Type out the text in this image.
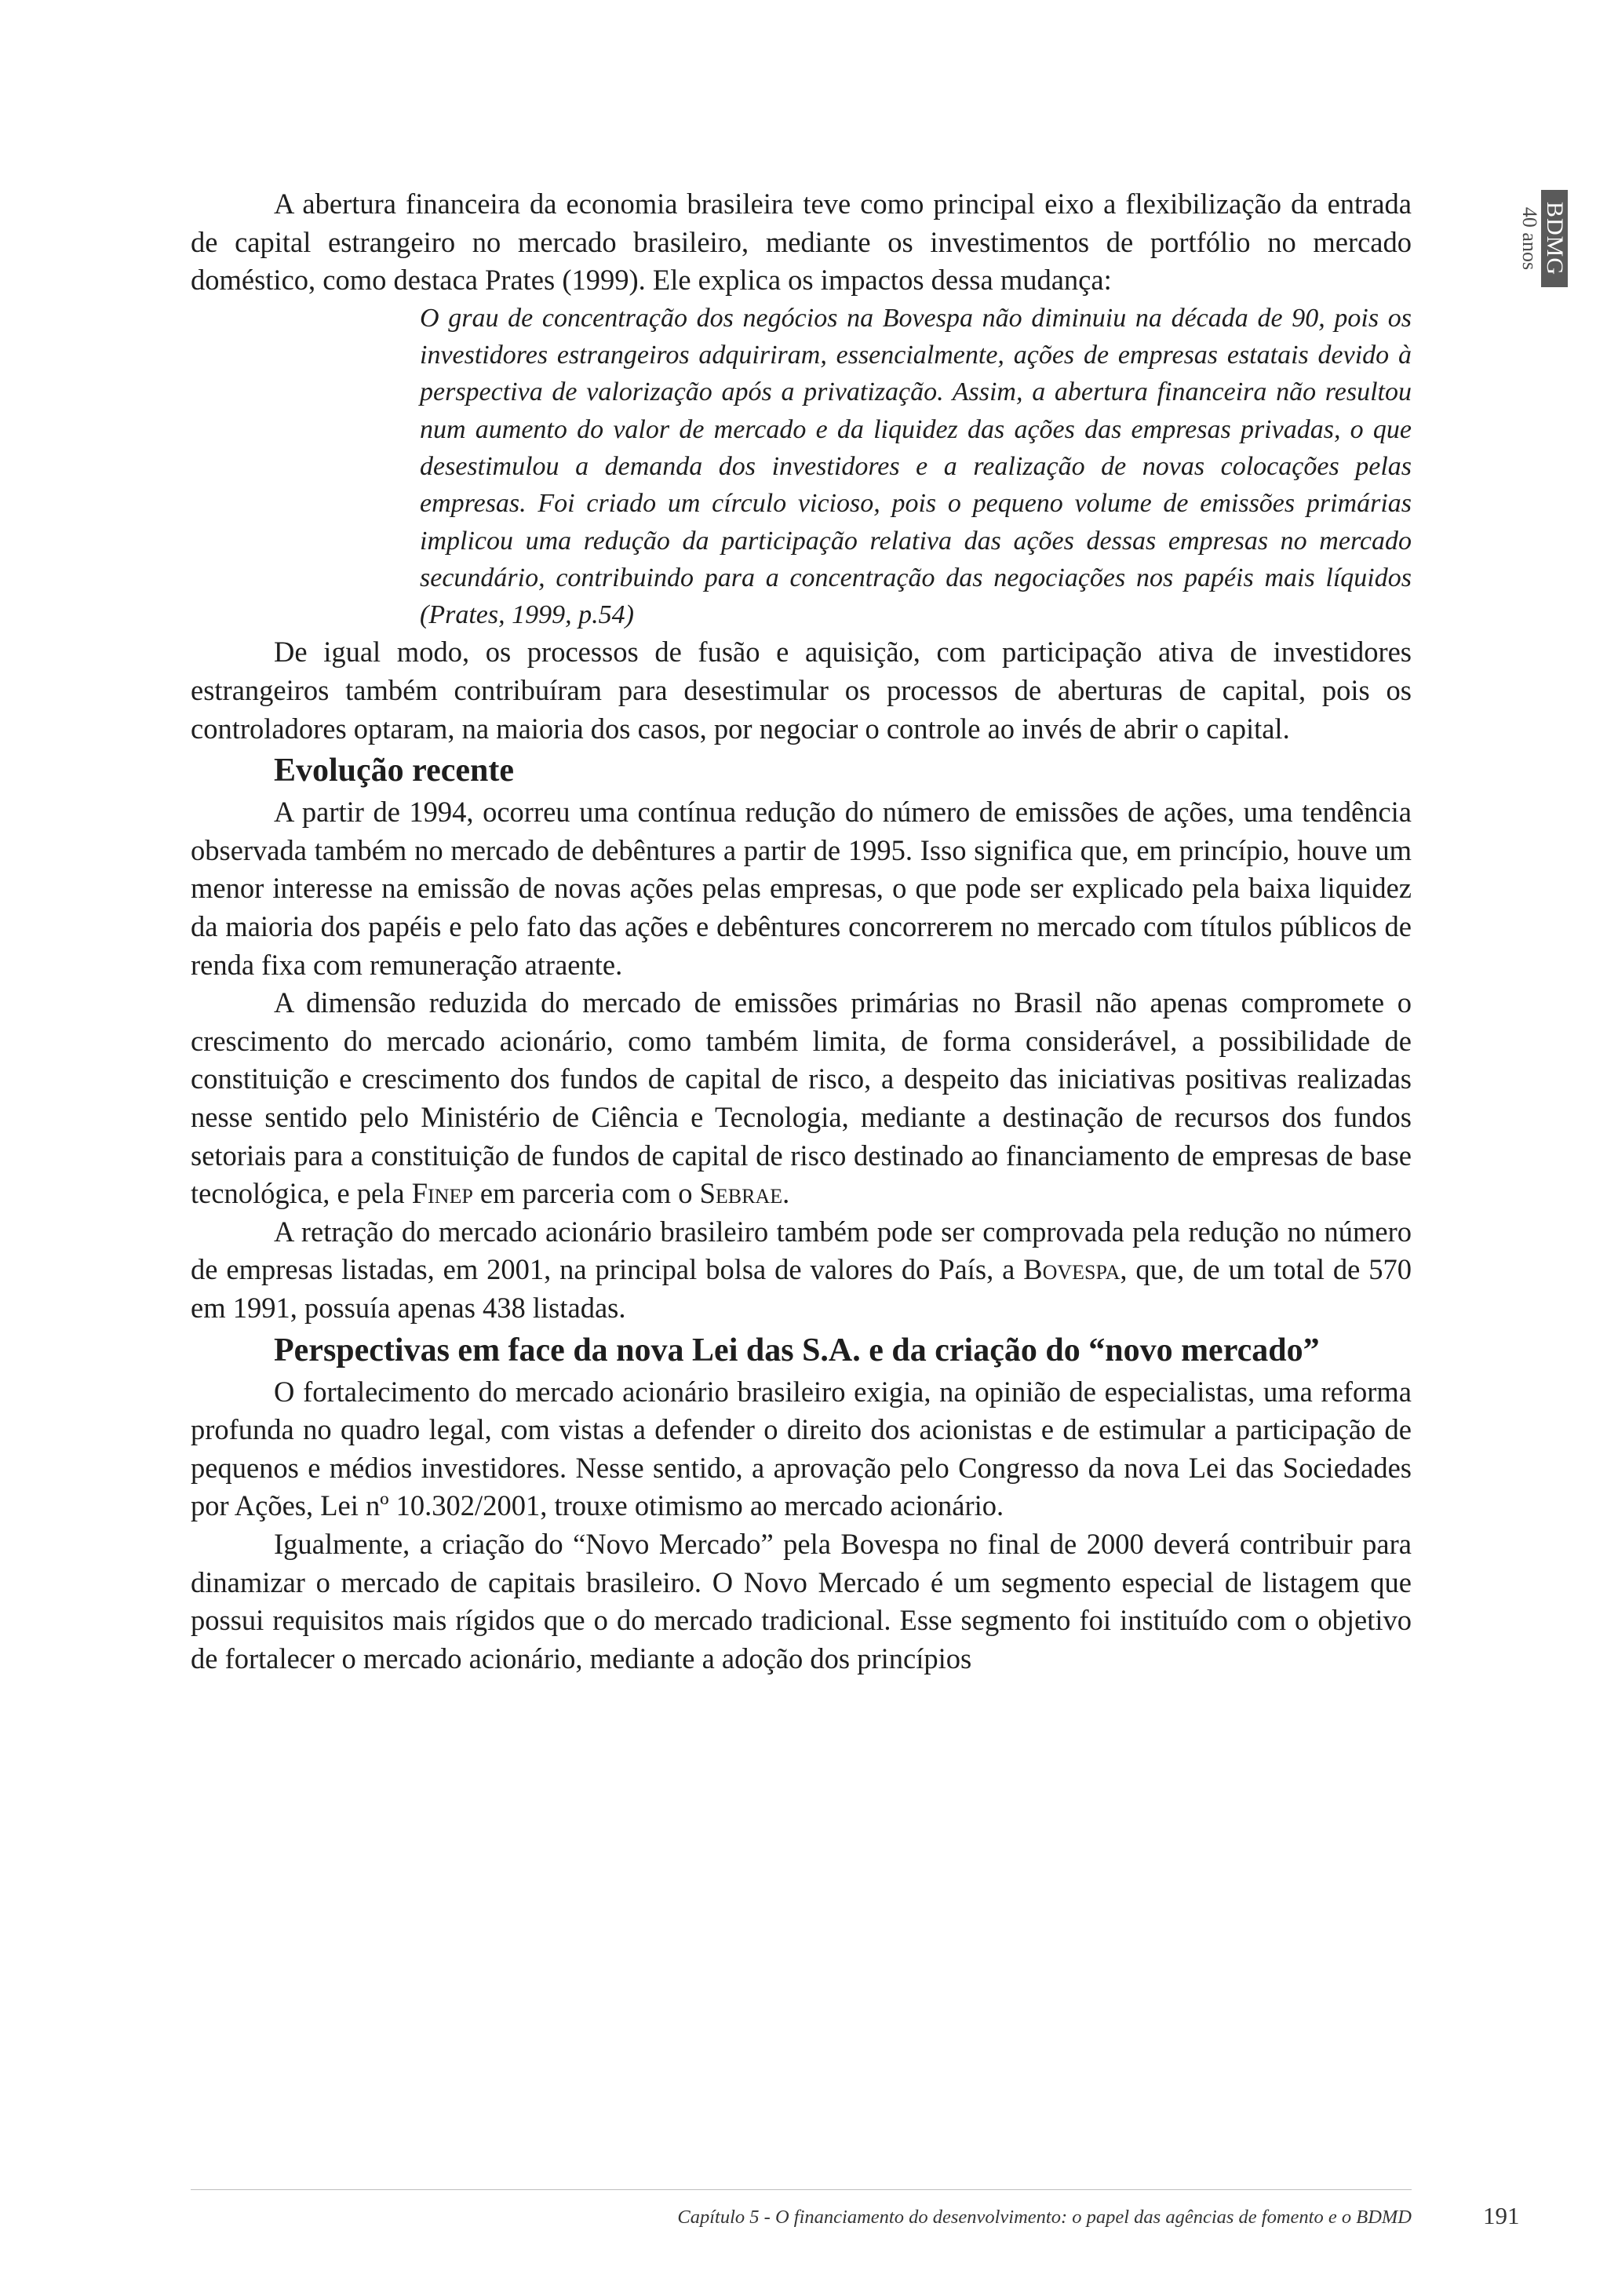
BDMG
40 anos

A abertura financeira da economia brasileira teve como principal eixo a flexibilização da entrada de capital estrangeiro no mercado brasileiro, mediante os investimentos de portfólio no mercado doméstico, como destaca Prates (1999). Ele explica os impactos dessa mudança:

O grau de concentração dos negócios na Bovespa não diminuiu na década de 90, pois os investidores estrangeiros adquiriram, essencialmente, ações de empresas estatais devido à perspectiva de valorização após a privatização. Assim, a abertura financeira não resultou num aumento do valor de mercado e da liquidez das ações das empresas privadas, o que desestimulou a demanda dos investidores e a realização de novas colocações pelas empresas. Foi criado um círculo vicioso, pois o pequeno volume de emissões primárias implicou uma redução da participação relativa das ações dessas empresas no mercado secundário, contribuindo para a concentração das negociações nos papéis mais líquidos (Prates, 1999, p.54)

De igual modo, os processos de fusão e aquisição, com participação ativa de investidores estrangeiros também contribuíram para desestimular os processos de aberturas de capital, pois os controladores optaram, na maioria dos casos, por negociar o controle ao invés de abrir o capital.

Evolução recente

A partir de 1994, ocorreu uma contínua redução do número de emissões de ações, uma tendência observada também no mercado de debêntures a partir de 1995. Isso significa que, em princípio, houve um menor interesse na emissão de novas ações pelas empresas, o que pode ser explicado pela baixa liquidez da maioria dos papéis e pelo fato das ações e debêntures concorrerem no mercado com títulos públicos de renda fixa com remuneração atraente.

A dimensão reduzida do mercado de emissões primárias no Brasil não apenas compromete o crescimento do mercado acionário, como também limita, de forma considerável, a possibilidade de constituição e crescimento dos fundos de capital de risco, a despeito das iniciativas positivas realizadas nesse sentido pelo Ministério de Ciência e Tecnologia, mediante a destinação de recursos dos fundos setoriais para a constituição de fundos de capital de risco destinado ao financiamento de empresas de base tecnológica, e pela Finep em parceria com o Sebrae.

A retração do mercado acionário brasileiro também pode ser comprovada pela redução no número de empresas listadas, em 2001, na principal bolsa de valores do País, a Bovespa, que, de um total de 570 em 1991, possuía apenas 438 listadas.

Perspectivas em face da nova Lei das S.A. e da criação do “novo mercado”

O fortalecimento do mercado acionário brasileiro exigia, na opinião de especialistas, uma reforma profunda no quadro legal, com vistas a defender o direito dos acionistas e de estimular a participação de pequenos e médios investidores. Nesse sentido, a aprovação pelo Congresso da nova Lei das Sociedades por Ações, Lei nº 10.302/2001, trouxe otimismo ao mercado acionário.

Igualmente, a criação do “Novo Mercado” pela Bovespa no final de 2000 deverá contribuir para dinamizar o mercado de capitais brasileiro. O Novo Mercado é um segmento especial de listagem que possui requisitos mais rígidos que o do mercado tradicional. Esse segmento foi instituído com o objetivo de fortalecer o mercado acionário, mediante a adoção dos princípios

Capítulo 5 - O financiamento do desenvolvimento: o papel das agências de fomento e o BDMD	191
